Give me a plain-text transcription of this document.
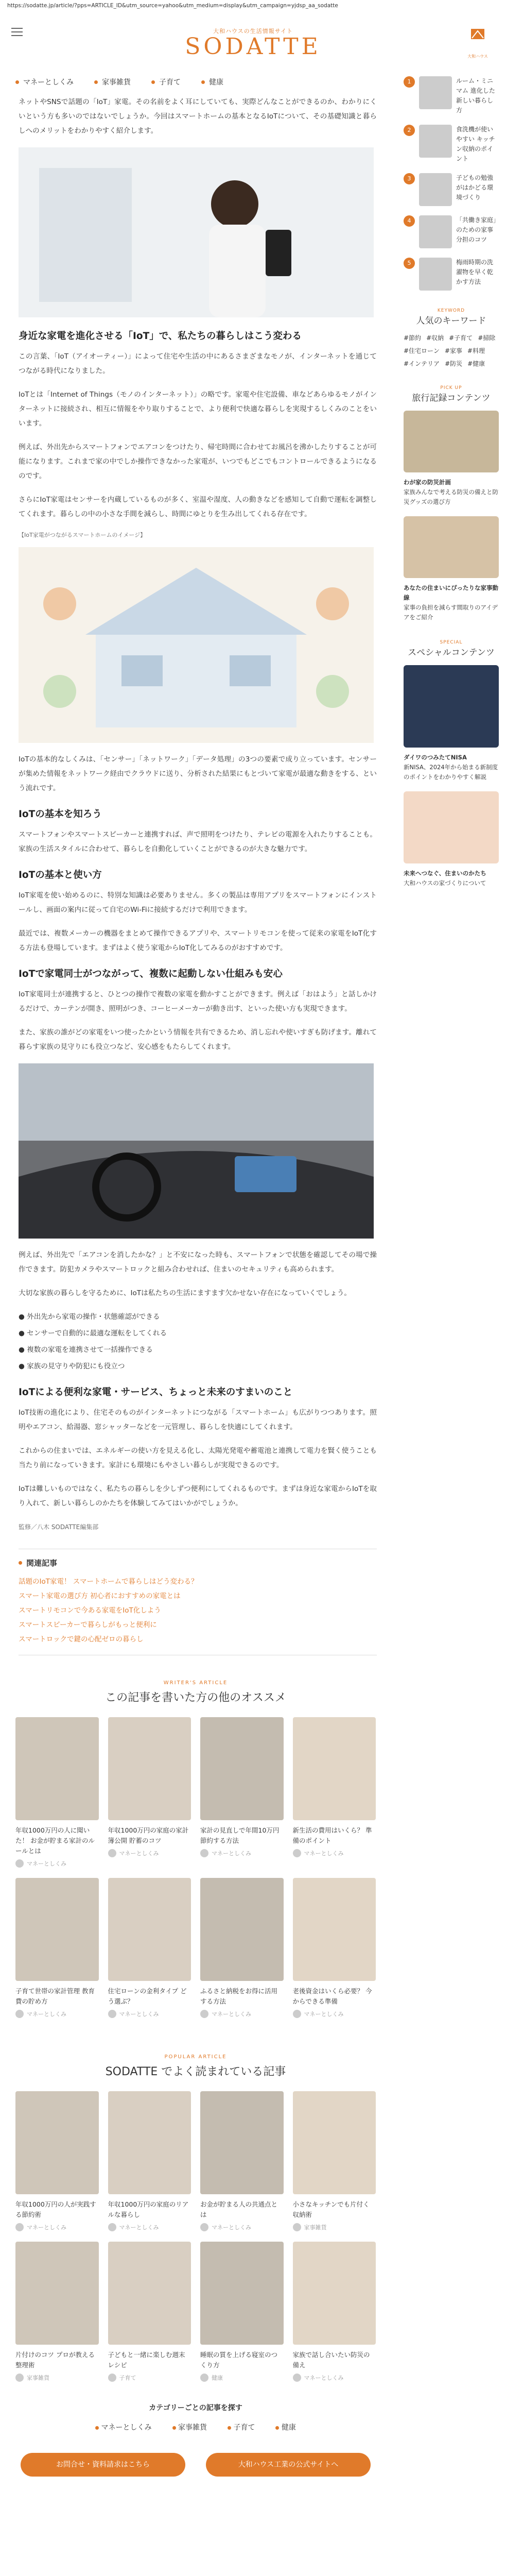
https://sodatte.jp/article/?pps=ARTICLE_ID&utm_source=yahoo&utm_medium=display&utm_campaign=yjdsp_aa_sodatte
大和ハウスの生活情報サイト
SODATTE	大和ハウス
マネーとしくみ	家事雑貨	子育て	健康

ネットやSNSで話題の「IoT」家電。その名前をよく耳にしていても、実際どんなことができるのか、わかりにくいという方も多いのではないでしょうか。今回はスマートホームの基本となるIoTについて、その基礎知識と暮らしへのメリットをわかりやすく紹介します。

身近な家電を進化させる「IoT」で、私たちの暮らしはこう変わる

この言葉、「IoT（アイオーティー）」によって住宅や生活の中にあるさまざまなモノが、インターネットを通じてつながる時代になりました。

IoTとは「Internet of Things（モノのインターネット）」の略です。家電や住宅設備、車などあらゆるモノがインターネットに接続され、相互に情報をやり取りすることで、より便利で快適な暮らしを実現するしくみのことをいいます。

例えば、外出先からスマートフォンでエアコンをつけたり、帰宅時間に合わせてお風呂を沸かしたりすることが可能になります。これまで家の中でしか操作できなかった家電が、いつでもどこでもコントロールできるようになるのです。

さらにIoT家電はセンサーを内蔵しているものが多く、室温や湿度、人の動きなどを感知して自動で運転を調整してくれます。暮らしの中の小さな手間を減らし、時間にゆとりを生み出してくれる存在です。

【IoT家電がつながるスマートホームのイメージ】

IoTの基本的なしくみは、「センサー」「ネットワーク」「データ処理」の3つの要素で成り立っています。センサーが集めた情報をネットワーク経由でクラウドに送り、分析された結果にもとづいて家電が最適な動きをする、という流れです。

IoTの基本を知ろう

スマートフォンやスマートスピーカーと連携すれば、声で照明をつけたり、テレビの電源を入れたりすることも。家族の生活スタイルに合わせて、暮らしを自動化していくことができるのが大きな魅力です。

IoTの基本と使い方

IoT家電を使い始めるのに、特別な知識は必要ありません。多くの製品は専用アプリをスマートフォンにインストールし、画面の案内に従って自宅のWi-Fiに接続するだけで利用できます。

最近では、複数メーカーの機器をまとめて操作できるアプリや、スマートリモコンを使って従来の家電をIoT化する方法も登場しています。まずはよく使う家電からIoT化してみるのがおすすめです。

IoTで家電同士がつながって、複数に起動しない仕組みも安心

IoT家電同士が連携すると、ひとつの操作で複数の家電を動かすことができます。例えば「おはよう」と話しかけるだけで、カーテンが開き、照明がつき、コーヒーメーカーが動き出す、といった使い方も実現できます。

また、家族の誰がどの家電をいつ使ったかという情報を共有できるため、消し忘れや使いすぎも防げます。離れて暮らす家族の見守りにも役立つなど、安心感をもたらしてくれます。

例えば、外出先で「エアコンを消したかな？」と不安になった時も、スマートフォンで状態を確認してその場で操作できます。防犯カメラやスマートロックと組み合わせれば、住まいのセキュリティも高められます。

大切な家族の暮らしを守るために、IoTは私たちの生活にますます欠かせない存在になっていくでしょう。

● 外出先から家電の操作・状態確認ができる

● センサーで自動的に最適な運転をしてくれる

● 複数の家電を連携させて一括操作できる

● 家族の見守りや防犯にも役立つ

IoTによる便利な家電・サービス、ちょっと未来のすまいのこと

IoT技術の進化により、住宅そのものがインターネットにつながる「スマートホーム」も広がりつつあります。照明やエアコン、給湯器、窓シャッターなどを一元管理し、暮らしを快適にしてくれます。

これからの住まいでは、エネルギーの使い方を見える化し、太陽光発電や蓄電池と連携して電力を賢く使うことも当たり前になっていきます。家計にも環境にもやさしい暮らしが実現できるのです。

IoTは難しいものではなく、私たちの暮らしを少しずつ便利にしてくれるものです。まずは身近な家電からIoTを取り入れて、新しい暮らしのかたちを体験してみてはいかがでしょうか。

監修／八木 SODATTE編集部

関連記事
話題のIoT家電！ スマートホームで暮らしはどう変わる？
スマート家電の選び方 初心者におすすめの家電とは
スマートリモコンで今ある家電をIoT化しよう
スマートスピーカーで暮らしがもっと便利に
スマートロックで鍵の心配ゼロの暮らし
WRITER'S ARTICLE
この記事を書いた方の他のオススメ
年収1000万円の人に聞いた！ お金が貯まる家計のルールとは
マネーとしくみ
年収1000万円の家庭の家計簿公開 貯蓄のコツ
マネーとしくみ
家計の見直しで年間10万円節約する方法
マネーとしくみ
新生活の費用はいくら？ 準備のポイント
マネーとしくみ
子育て世帯の家計管理 教育費の貯め方
マネーとしくみ
住宅ローンの金利タイプ どう選ぶ？
マネーとしくみ
ふるさと納税をお得に活用する方法
マネーとしくみ
老後資金はいくら必要？ 今からできる準備
マネーとしくみ
POPULAR ARTICLE
SODATTE でよく読まれている記事
年収1000万円の人が実践する節約術
マネーとしくみ
年収1000万円の家庭のリアルな暮らし
マネーとしくみ
お金が貯まる人の共通点とは
マネーとしくみ
小さなキッチンでも片付く収納術
家事雑貨
片付けのコツ プロが教える整理術
家事雑貨
子どもと一緒に楽しむ週末レシピ
子育て
睡眠の質を上げる寝室のつくり方
健康
家族で話し合いたい防災の備え
マネーとしくみ
カテゴリーごとの記事を探す
マネーとしくみ	家事雑貨	子育て	健康
お問合せ・資料請求はこちら	大和ハウス工業の公式サイトへ
1	ルーム・ミニマム 進化した新しい暮らし方
2	食洗機が使いやすい キッチン収納のポイント
3	子どもの勉強がはかどる環境づくり
4	「共働き家庭」のための家事分担のコツ
5	梅雨時期の洗濯物を早く乾かす方法
KEYWORD
人気のキーワード
#節約 #収納 #子育て #掃除
#住宅ローン #家事 #料理
#インテリア #防災 #健康
PICK UP
旅行記録コンテンツ
わが家の防災計画
家族みんなで考える防災の備えと防災グッズの選び方
あなたの住まいにぴったりな家事動線
家事の負担を減らす間取りのアイデアをご紹介
SPECIAL
スペシャルコンテンツ
ダイワのつみたてNISA
新NISA、2024年から始まる新制度のポイントをわかりやすく解説
未来へつなぐ、住まいのかたち
大和ハウスの家づくりについて
